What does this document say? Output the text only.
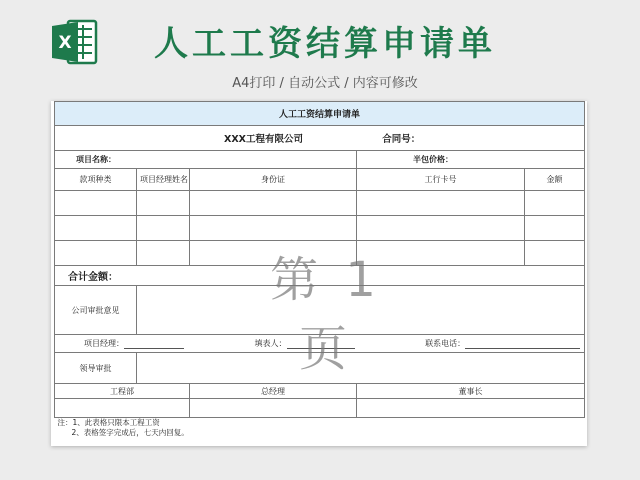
X	人工工资结算申请单
A4打印 / 自动公式 / 内容可修改
人工工资结算申请单				
XXX工程有限公司 合同号：				
项目名称：			半包价格：	
款项种类	项目经理姓名	身份证	工行卡号	金额

合计金额：				
公司审批意见				
项目经理： 填表人： 联系电话：				
领导审批				
工程部		总经理	董事长	

注：1、此表格只限本工程工资
2、表格签字完成后，七天内回复。				
第 1 页
